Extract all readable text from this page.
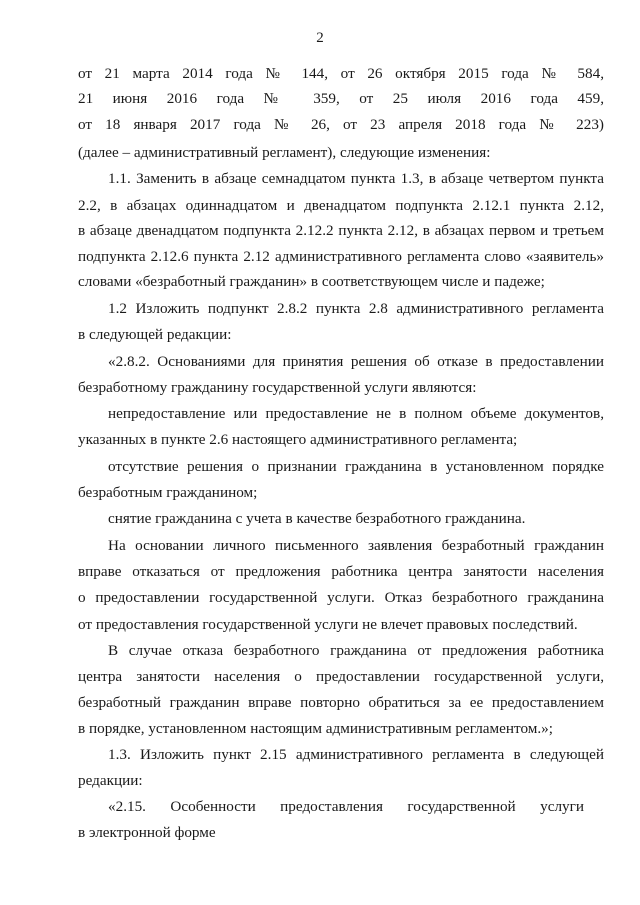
2
от 21 марта 2014 года № 144, от 26 октября 2015 года № 584,
21 июня 2016 года № 359, от 25 июля 2016 года 459,
от 18 января 2017 года № 26, от 23 апреля 2018 года № 223)
(далее – административный регламент), следующие изменения:
1.1. Заменить в абзаце семнадцатом пункта 1.3, в абзаце четвертом пункта
2.2, в абзацах одиннадцатом и двенадцатом подпункта 2.12.1 пункта 2.12,
в абзаце двенадцатом подпункта 2.12.2 пункта 2.12, в абзацах первом и третьем
подпункта 2.12.6 пункта 2.12 административного регламента слово «заявитель»
словами «безработный гражданин» в соответствующем числе и падеже;
1.2 Изложить подпункт 2.8.2 пункта 2.8 административного регламента
в следующей редакции:
«2.8.2. Основаниями для принятия решения об отказе в предоставлении
безработному гражданину государственной услуги являются:
непредоставление или предоставление не в полном объеме документов,
указанных в пункте 2.6 настоящего административного регламента;
отсутствие решения о признании гражданина в установленном порядке
безработным гражданином;
снятие гражданина с учета в качестве безработного гражданина.
На основании личного письменного заявления безработный гражданин
вправе отказаться от предложения работника центра занятости населения
о предоставлении государственной услуги. Отказ безработного гражданина
от предоставления государственной услуги не влечет правовых последствий.
В случае отказа безработного гражданина от предложения работника
центра занятости населения о предоставлении государственной услуги,
безработный гражданин вправе повторно обратиться за ее предоставлением
в порядке, установленном настоящим административным регламентом.»;
1.3. Изложить пункт 2.15 административного регламента в следующей
редакции:
«2.15. Особенности предоставления государственной услуги
в электронной форме
